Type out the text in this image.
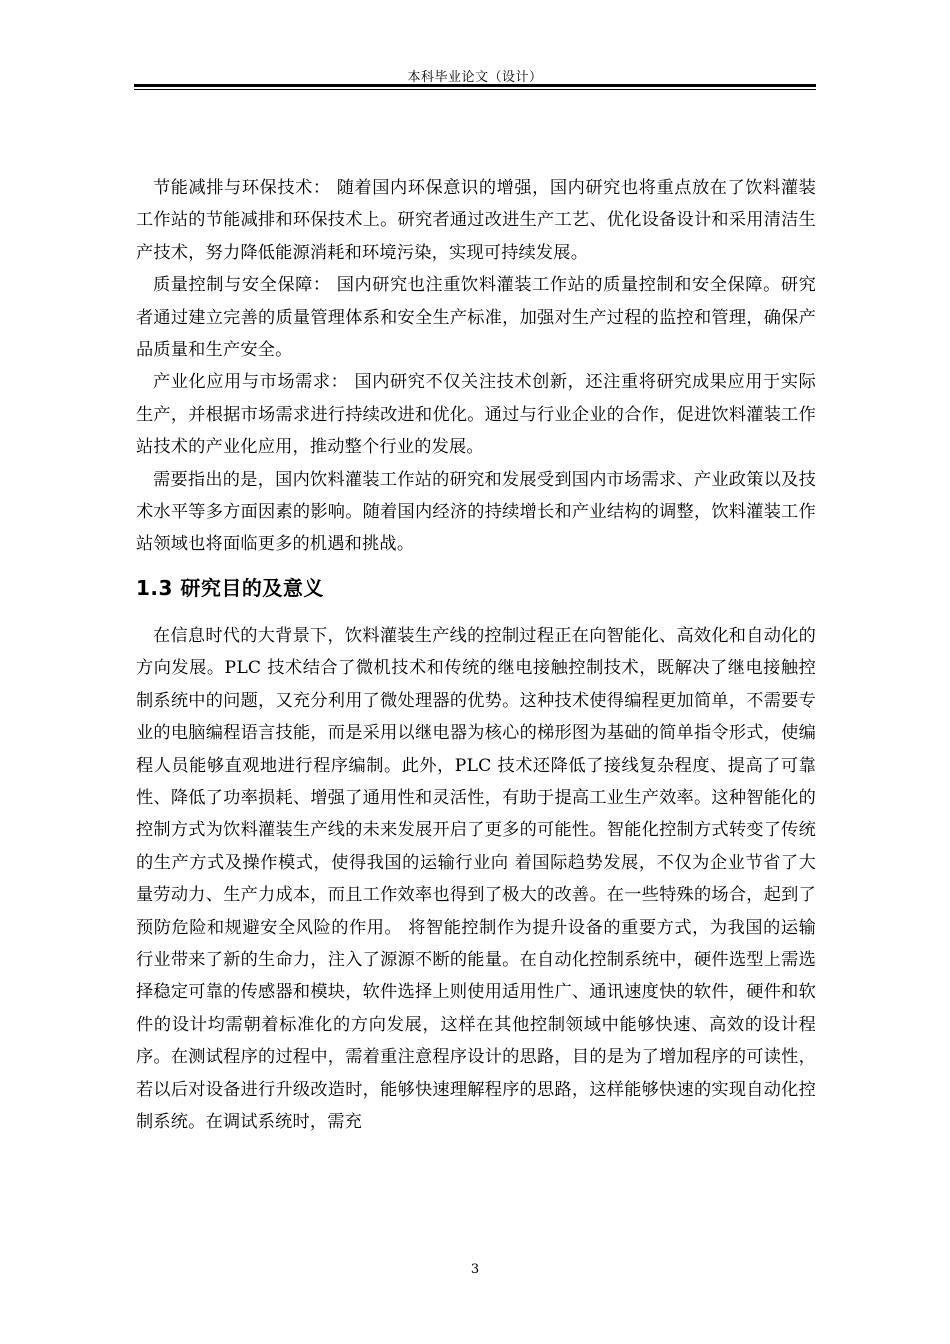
本科毕业论文（设计）

节能减排与环保技术： 随着国内环保意识的增强，国内研究也将重点放在了饮料灌装工作站的节能减排和环保技术上。研究者通过改进生产工艺、优化设备设计和采用清洁生产技术，努力降低能源消耗和环境污染，实现可持续发展。

质量控制与安全保障： 国内研究也注重饮料灌装工作站的质量控制和安全保障。研究者通过建立完善的质量管理体系和安全生产标准，加强对生产过程的监控和管理，确保产品质量和生产安全。

产业化应用与市场需求： 国内研究不仅关注技术创新，还注重将研究成果应用于实际生产，并根据市场需求进行持续改进和优化。通过与行业企业的合作，促进饮料灌装工作站技术的产业化应用，推动整个行业的发展。

需要指出的是，国内饮料灌装工作站的研究和发展受到国内市场需求、产业政策以及技术水平等多方面因素的影响。随着国内经济的持续增长和产业结构的调整，饮料灌装工作站领域也将面临更多的机遇和挑战。

1.3 研究目的及意义

在信息时代的大背景下，饮料灌装生产线的控制过程正在向智能化、高效化和自动化的方向发展。PLC 技术结合了微机技术和传统的继电接触控制技术，既解决了继电接触控制系统中的问题，又充分利用了微处理器的优势。这种技术使得编程更加简单，不需要专业的电脑编程语言技能，而是采用以继电器为核心的梯形图为基础的简单指令形式，使编程人员能够直观地进行程序编制。此外，PLC 技术还降低了接线复杂程度、提高了可靠性、降低了功率损耗、增强了通用性和灵活性，有助于提高工业生产效率。这种智能化的控制方式为饮料灌装生产线的未来发展开启了更多的可能性。智能化控制方式转变了传统的生产方式及操作模式，使得我国的运输行业向 着国际趋势发展，不仅为企业节省了大量劳动力、生产力成本，而且工作效率也得到了极大的改善。在一些特殊的场合，起到了预防危险和规避安全风险的作用。 将智能控制作为提升设备的重要方式，为我国的运输行业带来了新的生命力，注入了源源不断的能量。在自动化控制系统中，硬件选型上需选择稳定可靠的传感器和模块，软件选择上则使用适用性广、通讯速度快的软件，硬件和软件的设计均需朝着标准化的方向发展，这样在其他控制领域中能够快速、高效的设计程序。在测试程序的过程中，需着重注意程序设计的思路，目的是为了增加程序的可读性，若以后对设备进行升级改造时，能够快速理解程序的思路，这样能够快速的实现自动化控制系统。在调试系统时，需充

3
